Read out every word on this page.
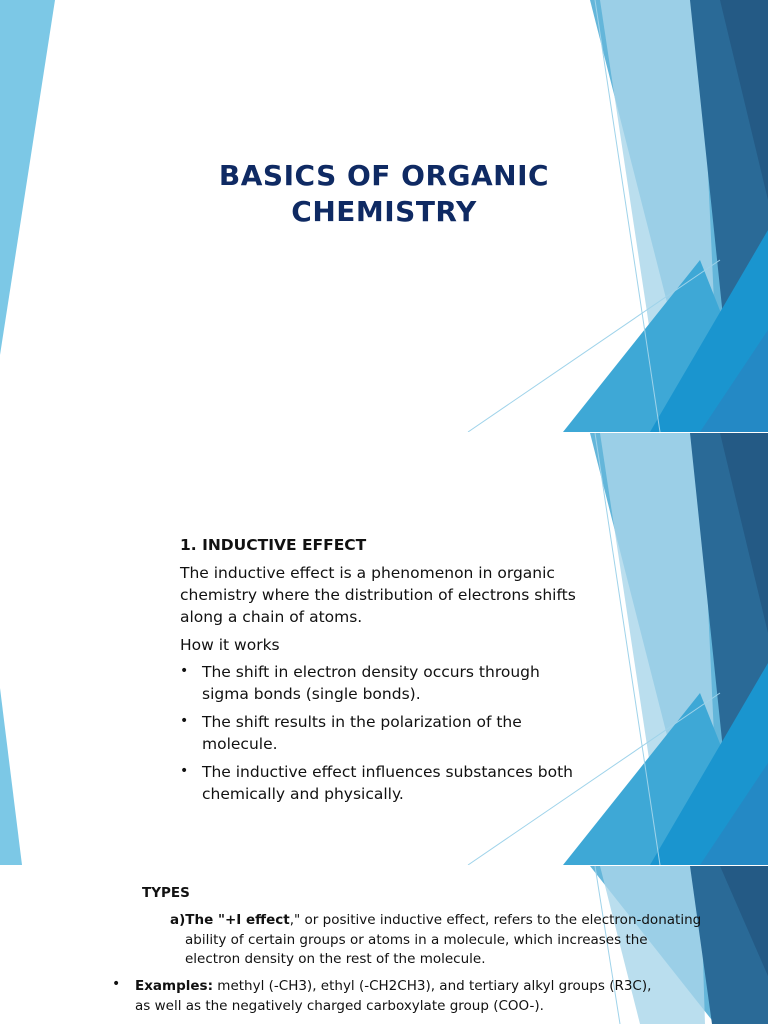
BASICS OF ORGANIC CHEMISTRY
1. INDUCTIVE EFFECT
The inductive effect is a phenomenon in organic chemistry where the distribution of electrons shifts along a chain of atoms.
How it works
• The shift in electron density occurs through sigma bonds (single bonds).
• The shift results in the polarization of the molecule.
• The inductive effect influences substances both chemically and physically.
TYPES
a)The "+I effect," or positive inductive effect, refers to the electron-donating ability of certain groups or atoms in a molecule, which increases the electron density on the rest of the molecule.
•	Examples: methyl (-CH3), ethyl (-CH2CH3), and tertiary alkyl groups (R3C), as well as the negatively charged carboxylate group (COO-).
